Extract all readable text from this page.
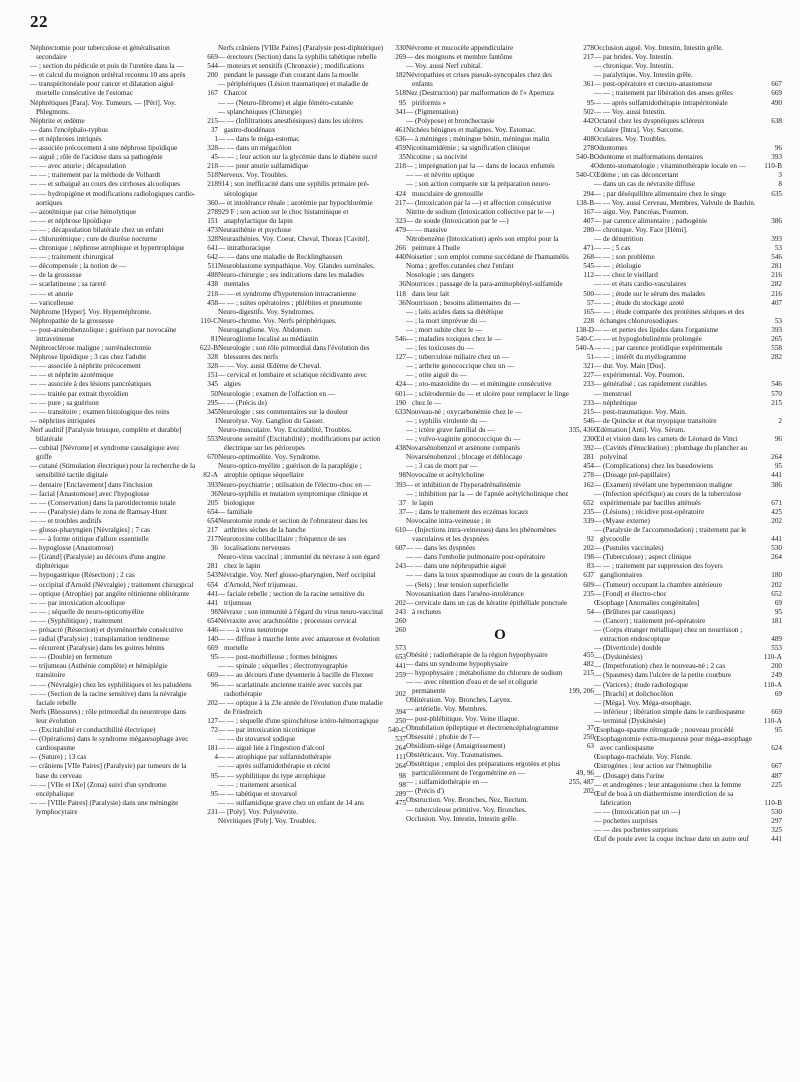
22
Néphrectomie pour tuberculose et généralisation secondaire	669
— ; section du pédicule et puis de l'uretère dans la —	544
— et calcul du moignon urétéral reconnu 10 ans après	200
— transpéritonéale pour cancer et dilatation aiguë mortelle consécutive de l'estomac	167
Néphrétiques [Para]. Voy. Tumeurs. — [Péri]. Voy. Phlegmons.
Néphrite et œdème	215
— dans l'encéphalo-typhus	37
— et néphroses intriqués	1
— associée précocement à une néphrose lipoïdique	328
— aiguë ; rôle de l'acidose dans sa pathogénie	45
— — avec anurie ; décapsulation	218
— — ; traitement par la méthode de Volhardt	518
— — et subaiguë au cours des cirrhoses alcooliques	218
— — hydropigène et modifications radiologiques cardio-aortiques	360
— azotémique par crise hémolytique	278
— — et néphrose lipoïdique	151
— — ; décapsulation bilatérale chez un enfant	473
— chlorurémique ; cure de diurèse nocturne	328
— chronique ; néphrose atrophique et hypertrophique	641
— — ; traitement chirurgical	642
— décompensée ; la notion de —	511
— de la grossesse	488
— scarlatineuse ; sa rareté	438
— — et anurie	218
— varicelleuse	458
Néphrome [Hyper]. Voy. Hypernéphrome.
Néphropathie de la grossesse	110-C
— post-arsénobenzolique ; guérison par novocaïne intraveineuse	81
Néphrosclérose maligne ; surrénalectomie	622-B
Néphrose lipoïdique ; 3 cas chez l'adulte	328
— — associée à néphrite précocement	328
— — et néphrite azotémique	151
— — associée à des lésions pancréatiques	345
— — traitée par extrait thyroïdien	50
— — pure ; sa guérison	295
— — transitoire ; examen histologique des reins	345
— néphrites intriquées	1
Nerf auditif [Paralysie brusque, complète et durable] bilatérale	553
— cubital [Névrome] et syndrome causalgique avec griffe	670
— cutané (Stimulation électrique) pour la recherche de la sensibilité tactile digitale	82-A
— dentaire [Enclavement] dans l'inclusion	393
— facial [Anastomose] avec l'hypoglosse	36
— — (Conservation) dans la parotidectomie totale	205
— — (Paralysie) dans le zona de Ramsay-Hunt	654
— — et troubles auditifs	654
— glosso-pharyngien [Névralgies] ; 7 cas	217
— — à forme otitique d'allure essentielle	217
— hypoglosse (Anastomose)	36
— [Grand] (Paralysie) au décours d'une angine diphtérique	281
— hypogastrique (Résection) ; 2 cas	543
— occipital d'Arnold (Névralgie) ; traitement chirurgical	654
— optique (Atrophie) par angéite rétinienne oblitérante	441
— — par intoxication alcoolique	441
— — ; séquelle de neuro-opticomyélite	98
— — (Syphilitique) ; traitement	654
— présacré (Résection) et dysménorrhée consécutive	446
— radial (Paralysie) ; transplantation tendineuse	140
— récurrent (Paralysie) dans les goitres bénins	669
— — (Double) en fermeture	95
— trijumeau (Asthénie complète) et hémiplégie transitoire	669
— — (Névralgie) chez les syphilitiques et les paludéens	96
— — (Section de la racine sensitive) dans la névralgie faciale rebelle	202
Nerfs (Blessures) ; rôle primordial du neurotrope dans leur évolution	127
— (Excitabilité et conductibilité électrique)	72
— (Opérations) dans le syndrome mégaœsophage avec cardiospasme	181
— (Suture) ; 13 cas	4
— crâniens [VIIe Paires] (Paralysie) par tumeurs de la base du cerveau	95
— — [VIIe et IXe] (Zona) suivi d'un syndrome encéphalique	95
— — [VIIIe Paires] (Paralysie) dans une méningite lymphocytaire	231
Nerfs crâniens [VIIIe Paires] (Paralysie post-diphtérique)	330
— érecteurs (Section) dans la syphilis tabétique rebelle	269
— moteurs et sensitifs (Chronaxie) ; modifications pendant le passage d'un courant dans la moelle	182
— périphériques (Lésion traumatique) et maladie de Charcot	518
— — (Neuro-fibrome) et algie féméro-cutanée	95
— splanchniques (Chirurgie)	341
— — (Infiltrations anesthésiques) dans les ulcères gastro-duodénaux	461
— — dans le méga-estomac	636
— — dans un mégacôlon	459
— — ; leur action sur la glycémie dans le diabète sucré	35
— — pour anurie sulfamidique	218
Nerveux. Voy. Troubles.
914 ; son inefficacité dans une syphilis primaire pré-sérologique	424
— et intolérance rénale ; azotémie par hypochlorémie	217
929 F ; son action sur le choc histaminique et anaphylactique du lapin	323
Neurasthénie et psychose	479
Neurasthénies. Voy. Coeur, Cheval, Thorax [Cavité].
— intrathoracique	266
— — dans une maladie de Recklinghausen	440
Neuroblastome sympathique. Voy. Glandes surrénales.
Neuro-chirurgie ; ses indications dans les maladies mentales	36
— — et syndrome d'hypotension intracranienne	118
— — ; suites opératoires ; phlébites et pneumonie	36
Neuro-digestifs. Voy. Syndromes.
Neuro-chrome. Voy. Nerfs périphériques.
Neuroganglione. Voy. Abdomen.
Neurogliome localisé au médiastin	546
Neurologie ; son rôle primordial dans l'évolution des blessures des nerfs	127
— — Voy. aussi Œdème de Cheval.
— cervical et lombaire et sciatique récidivante avec algies	424
Neurologie ; examen de l'olfaction en —	601
— — (Précis de)	190
Neurologie ; ses commentaires sur la douleur	633
Neurolyse. Voy. Ganglion du Gasser.
Neuro-musculaire. Voy. Excitabilité, Troubles.
Neurone sensitif (Excitabilité) ; modifications par action électrique sur les périoropes	438
Neuro-optimoélite. Voy. Syndrome.
Neuro-optico-myélite ; guérison de la paraplégie ; atrophie optique séquellaire	98
Neuro-psychiatrie ; utilisation de l'électro-choc en —	393
Neuro-syphilis et mutation symptomique clinique et biologique	37
— familiale	37
Neurotomie ronde et section de l'obturateur dans les arthrites sèches de la hanche	610
Neurotoxine colibacillaire ; fréquence de ses localisations nerveuses	607
Neuro-virus vaccinal ; immunité du névraxe à son égard chez le lapin	243
Névralgie. Voy. Nerf glosso-pharyngien, Nerf occipital d'Arnold, Nerf trijumeau.
— faciale rebelle ; section de la racine sensitive du trijumeau	202
Névraxe ; son immunité à l'égard du virus neuro-vaccinal	243
Névraxite avec arachnoïdite ; processus cervical	260
— — à virus neurotrope	260
— — diffuse à marche lente avec amaurose et évolution mortelle	573
— — post-morbilleuse ; formes bénignes	653
— — spinale ; séquelles ; électromyographie	441
— — au décours d'une dysenterie à bacille de Flexner	259
— — scarlatinale ancienne traitée avec succès par radiothérapie	202
— — optique à la 23e année de l'évolution d'une maladie de Friedreich	394
— — ; séquelle d'une spirochétose ictéro-hémorragique	250
— — par intoxication nicotinique	540-C
— — du stovarsol sodique	537
— — aiguë liée à l'ingestion d'alcool	264
— — atrophique par sulfamidothérapie	111
— — après sulfamidothérapie et cécité	264
— — syphilitique du type atrophique	98
— — ; traitement arsenical	98
— — tabétique et stovarsol	289
— — sulfamidique grave chez un enfant de 14 ans	475
— [Poly]. Voy. Polynévrite.
Névritiques [Poly]. Voy. Troubles.
Névrome et mucocèle appendiculaire	278
— des moignons et membre fantôme	217
— Voy. aussi Nerf cubital.
Névropathies et crises pseudo-syncopales chez des enfants	361
Nez (Destruction) par malformation de l'« Apertura piriformis »	95
— (Pigmentation)	502
— (Polypose) et bronchectasie	442
Nichées bénignes et malignes. Voy. Estomac.
— à méninges ; méningue bénin, méningue malin	408
Nicotinamidémie ; sa signification clinique	278
Nicotine ; sa nocivité	540-B
— ; imprégnation par la — dans de locaux enfumés	4
— — et névrite optique	540-C
— ; son action comparée sur la préparation neuro-musculaire de grenouille	294
— (Intoxication par la —) et affection consécutive	138-B
Nitrite de sodium (Intoxication collective par le —)	167
— de soude (Intoxication par le —)	407
— — massive	280
Nitrobenzène (Intoxication) après son emploi pour la peinture à l'huile	471
Noisetier ; son emploi comme succédané de l'hamamélis	268
Noma ; greffes cutanées chez l'enfant	545
Nosologie ; ses dangers	112
Nourrices ; passage de la para-aminophényl-sulfamide dans leur lait	500
Nourrisson ; besoins alimentaires du —	57
— ; laits acides dans sa diététique	165
— ; la mort imprévue du —	228
— ; mort subite chez le —	138-D
— ; maladies toxiques chez le —	540-C
— ; les toxicoses du —	540-A
— ; tuberculose miliaire chez un —	51
— ; arthrite gonococcique chez un —	321
— ; otite aiguë du —	227
— ; oto-mastoïdite du — et méningite consécutive	233
— ; sclérodermie du — et ulcère pour remplacer le linge chez le —	233
Nouveau-né ; oxycarbonémie chez le —	215
— ; syphilis virulente du —	546
— ; ictère grave familial du —	335, 436
— ; vulvo-vaginite gonococcique du —	230
Novarsénobenzol et arsénone comparés	392
Novarsénobenzol ; blocage et déblocage	281
— ; 3 cas de mort par —	454
Novocaïne et acétylcholine	278
— et inhibition de l'hyperadrénalinémie	162
— ; inhibition par la — de l'apnée acétylcholinique chez le lapin	652
— ; dans le traitement des eczémas locaux	235
Novocaïne intra-veineuse ; in	339
— (Injections intra-veineuses) dans les phénomènes vasculaires et les dyspnées	92
— — dans les dyspnées	202
— — dans l'embolie pulmonaire post-opératoire	198
— — dans une néphropathie aiguë	83
— — dans la toux spasmodique au cours de la gestation	637
— (Sels) ; leur tension superficielle	609
Novosanisation dans l'arséno-intolérance	235
— cervicale dans un cas de kératite épithéliale ponctuée à rechutes	54
O
Obésité ; radiothérapie de la région hypophysaire	455
— dans un syndrome hypophysaire	482
— hypophysaire ; métabolisme du chlorure de sodium	215
— — avec rétention d'eau et de sel et oligurie permanente	199, 206
Oblitération. Voy. Bronches, Larynx.
— artérielle. Voy. Membres.
— post-phlébitique. Voy. Veine iliaque.
Obnubilation épileptique et électroencéphalogramme	37
Obsessité ; phobie de l'—	250
Obsidium-siège (Amaigrissement)	63
Obstétricaux. Voy. Traumatismes.
Obstétrique ; emploi des préparations ergotées et plus particulièrement de l'ergométrine en —	49, 96
— ; sulfamidothérapie en —	255, 487
— (Précis d')	202
Obstruction. Voy. Bronches, Nez, Rectum.
— tuberculeuse primitive. Voy. Bronches.
Occlusion. Voy. Intestin, Intestin grêle.
Occlusion aiguë. Voy. Intestin, Intestin grêle.
— par brides. Voy. Intestin.
— chronique. Voy. Intestin.
— paralytique. Voy. Intestin grêle.
— post-opératoire et cœcuro-anastomose	667
— — ; traitement par libération des anses grêles	669
— — après sulfamidothérapie intrapéritonéale	490
— — Voy. aussi Intestin.
Octanol chez les dyspnéiques scléreux	638
Oculaire [Intra]. Voy. Sarcome.
Oculaires. Voy. Troubles.
Odontomes	96
Odontome et malformations dentaires	393
Odonto-stomatologie ; vitaminothérapie locale en —	110-B
Œdème ; un cas déconcertant	3
— dans un cas de névraxite diffuse	8
— ; par déséquilibre alimentaire chez le singe	635
— — Voy. aussi Cerveau, Membres, Valvule de Bauhin.
— aigu. Voy. Pancréas, Poumon.
— par carence alimentaire ; pathogénie	386
— chronique. Voy. Face [Hémi].
— de dénutrition	393
— — ; 5 cas	53
— — ; son problème	546
— — ; étiologie	281
— — chez le vieillard	216
— — et états cardio-vasculaires	282
— — ; étude sur le sérum des malades	216
— — ; étude du stockage azoté	407
— — ; étude comparée des protéines sériques et des échanges chlorurosodiques	53
— — et pertes des lipides dans l'organisme	393
— — et hypoglobulinémie prolongée	265
— — ; par carence protidique expérimentale	558
— — ; intérêt du myélogramme	282
— dur. Voy. Main [Dos].
— expérimental. Voy. Poumon.
— généralisé ; cas rapidement curables	546
— menstruel	570
— néphrétique	215
— post-traumatique. Voy. Main.
— de Quincke et état myopique transitoire	2
Œdémation [Anti]. Voy. Sérum.
Œil et vision dans les carnets de Léonard de Vinci	96
— (Cavités d'énucléation) ; plombage du plancher au polyvinal	264
— (Complications) chez les basedowiens	95
— (Dosage pré-papillaire)	441
— (Examen) révélant une hypertension maligne	386
— (Infection spécifique) au cours de la tuberculose expérimentale par bacilles atténués	671
— (Lésions) ; récidive post-opératoire	425
— (Myase externe)	202
— (Paralysie de l'accommodation) ; traitement par le glycocolle	441
— (Pustules vaccinales)	530
— (Tuberculose) ; aspect clinique	264
— — ; traitement par suppression des foyers ganglionnaires	180
— (Tumeur) occupant la chambre antérieure	202
— [Fond] et électro-choc	652
Œsophage [Anomalies congénitales]	69
— (Brûlures par caustiques)	95
— (Cancer) ; traitement pré-opératoire	181
— (Corps étranger métallique) chez un nourrisson ; extraction endoscopique	489
— (Diverticule) double	553
— (Dyskinésies)	110-A
— (Imperforation) chez le nouveau-né ; 2 cas	200
— (Spasmes) dans l'ulcère de la petite courbure	249
— (Varices) ; étude radiologique	110-A
— [Brachi] et dolichocôlon	69
— [Méga]. Voy. Méga-œsophage.
— inférieur ; libération simple dans le cardiospasme	669
— terminal (Dyskinésie)	110-A
Œsophago-spasme rétrograde ; nouveau procédé	95
Œsophagotomie extra-muqueuse pour méga-œsophage avec cardiospasme	624
Œsophago-trachéale. Voy. Fistule.
Œstrogènes ; leur action sur l'hémophilie	667
— (Dosage) dans l'urine	487
— et androgènes ; leur antagonisme chez la femme	225
Œuf de boa à un diathermisme interdiction de sa fabrication	110-B
— — (Intoxication par un —)	530
— pochettes surprises	297
— — des pochettes surprises	325
Œuf de poule avec la coque incluse dans un autre œuf	441
